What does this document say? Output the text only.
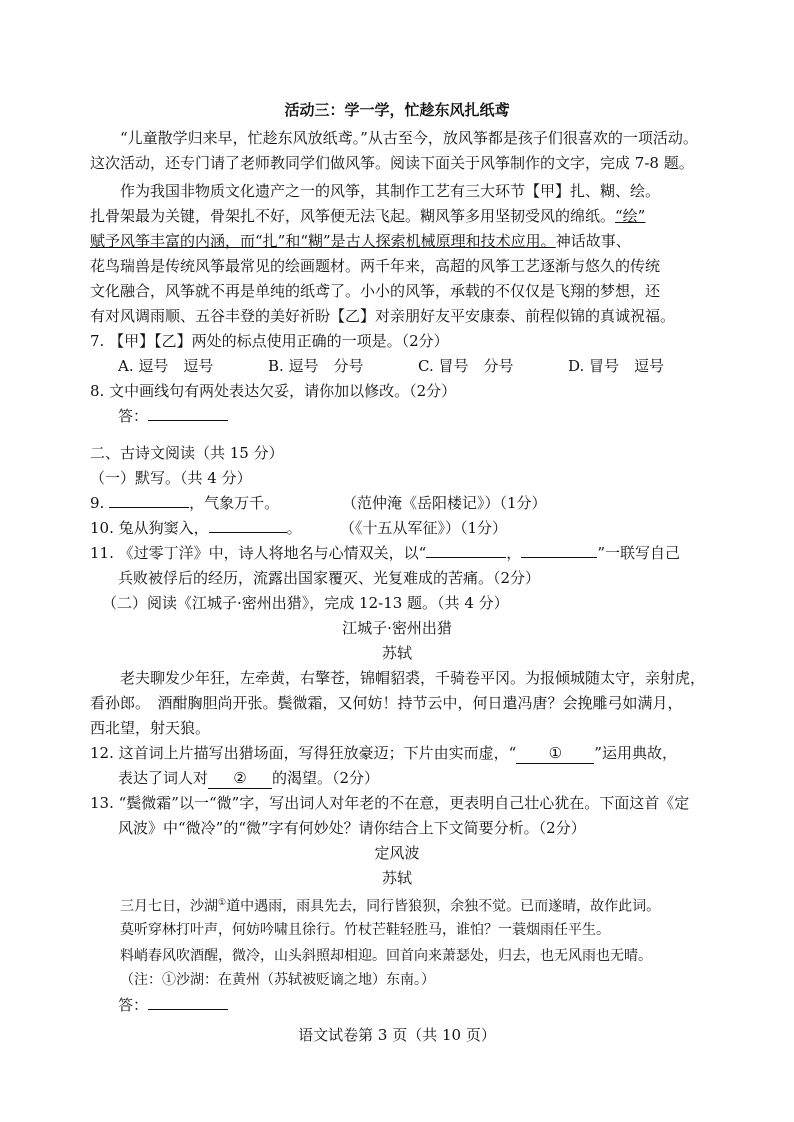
活动三：学一学，忙趁东风扎纸鸢
“儿童散学归来早，忙趁东风放纸鸢。”从古至今，放风筝都是孩子们很喜欢的一项活动。
这次活动，还专门请了老师教同学们做风筝。阅读下面关于风筝制作的文字，完成 7-8 题。
作为我国非物质文化遗产之一的风筝，其制作工艺有三大环节【甲】扎、糊、绘。
扎骨架最为关键，骨架扎不好，风筝便无法飞起。糊风筝多用坚韧受风的绵纸。“绘”
赋予风筝丰富的内涵，而“扎”和“糊”是古人探索机械原理和技术应用。神话故事、
花鸟瑞兽是传统风筝最常见的绘画题材。两千年来，高超的风筝工艺逐渐与悠久的传统
文化融合，风筝就不再是单纯的纸鸢了。小小的风筝，承载的不仅仅是飞翔的梦想，还
有对风调雨顺、五谷丰登的美好祈盼【乙】对亲朋好友平安康泰、前程似锦的真诚祝福。
7. 【甲】【乙】两处的标点使用正确的一项是。（2分）
A. 逗号　逗号	B. 逗号　分号	C. 冒号　分号	D. 冒号　逗号
8. 文中画线句有两处表达欠妥，请你加以修改。（2分）
答：
二、古诗文阅读（共 15 分）
（一）默写。（共 4 分）
9.	，气象万千。	（范仲淹《岳阳楼记》）（1分）
10. 兔从狗窦入，	。	（《十五从军征》）（1分）
11. 《过零丁洋》中，诗人将地名与心情双关，以“	，	”一联写自己
兵败被俘后的经历，流露出国家覆灭、光复难成的苦痛。（2分）
（二）阅读《江城子·密州出猎》，完成 12-13 题。（共 4 分）
江城子·密州出猎
苏轼
老夫聊发少年狂，左牵黄，右擎苍，锦帽貂裘，千骑卷平冈。为报倾城随太守，亲射虎，
看孙郎。　酒酣胸胆尚开张。鬓微霜，又何妨！持节云中，何日遣冯唐？会挽雕弓如满月，
西北望，射天狼。
12. 这首词上片描写出猎场面，写得狂放豪迈；下片由实而虚，“ ① ”运用典故，
表达了词人对 ② 的渴望。（2分）
13. “鬓微霜”以一“微”字，写出词人对年老的不在意，更表明自己壮心犹在。下面这首《定
风波》中“微冷”的“微”字有何妙处？请你结合上下文简要分析。（2分）
定风波
苏轼
三月七日，沙湖①道中遇雨，雨具先去，同行皆狼狈，余独不觉。已而遂晴，故作此词。
莫听穿林打叶声，何妨吟啸且徐行。竹杖芒鞋轻胜马，谁怕？一蓑烟雨任平生。
料峭春风吹酒醒，微冷，山头斜照却相迎。回首向来萧瑟处，归去，也无风雨也无晴。
（注：①沙湖：在黄州（苏轼被贬谪之地）东南。）
答：
语文试卷第 3 页（共 10 页）
